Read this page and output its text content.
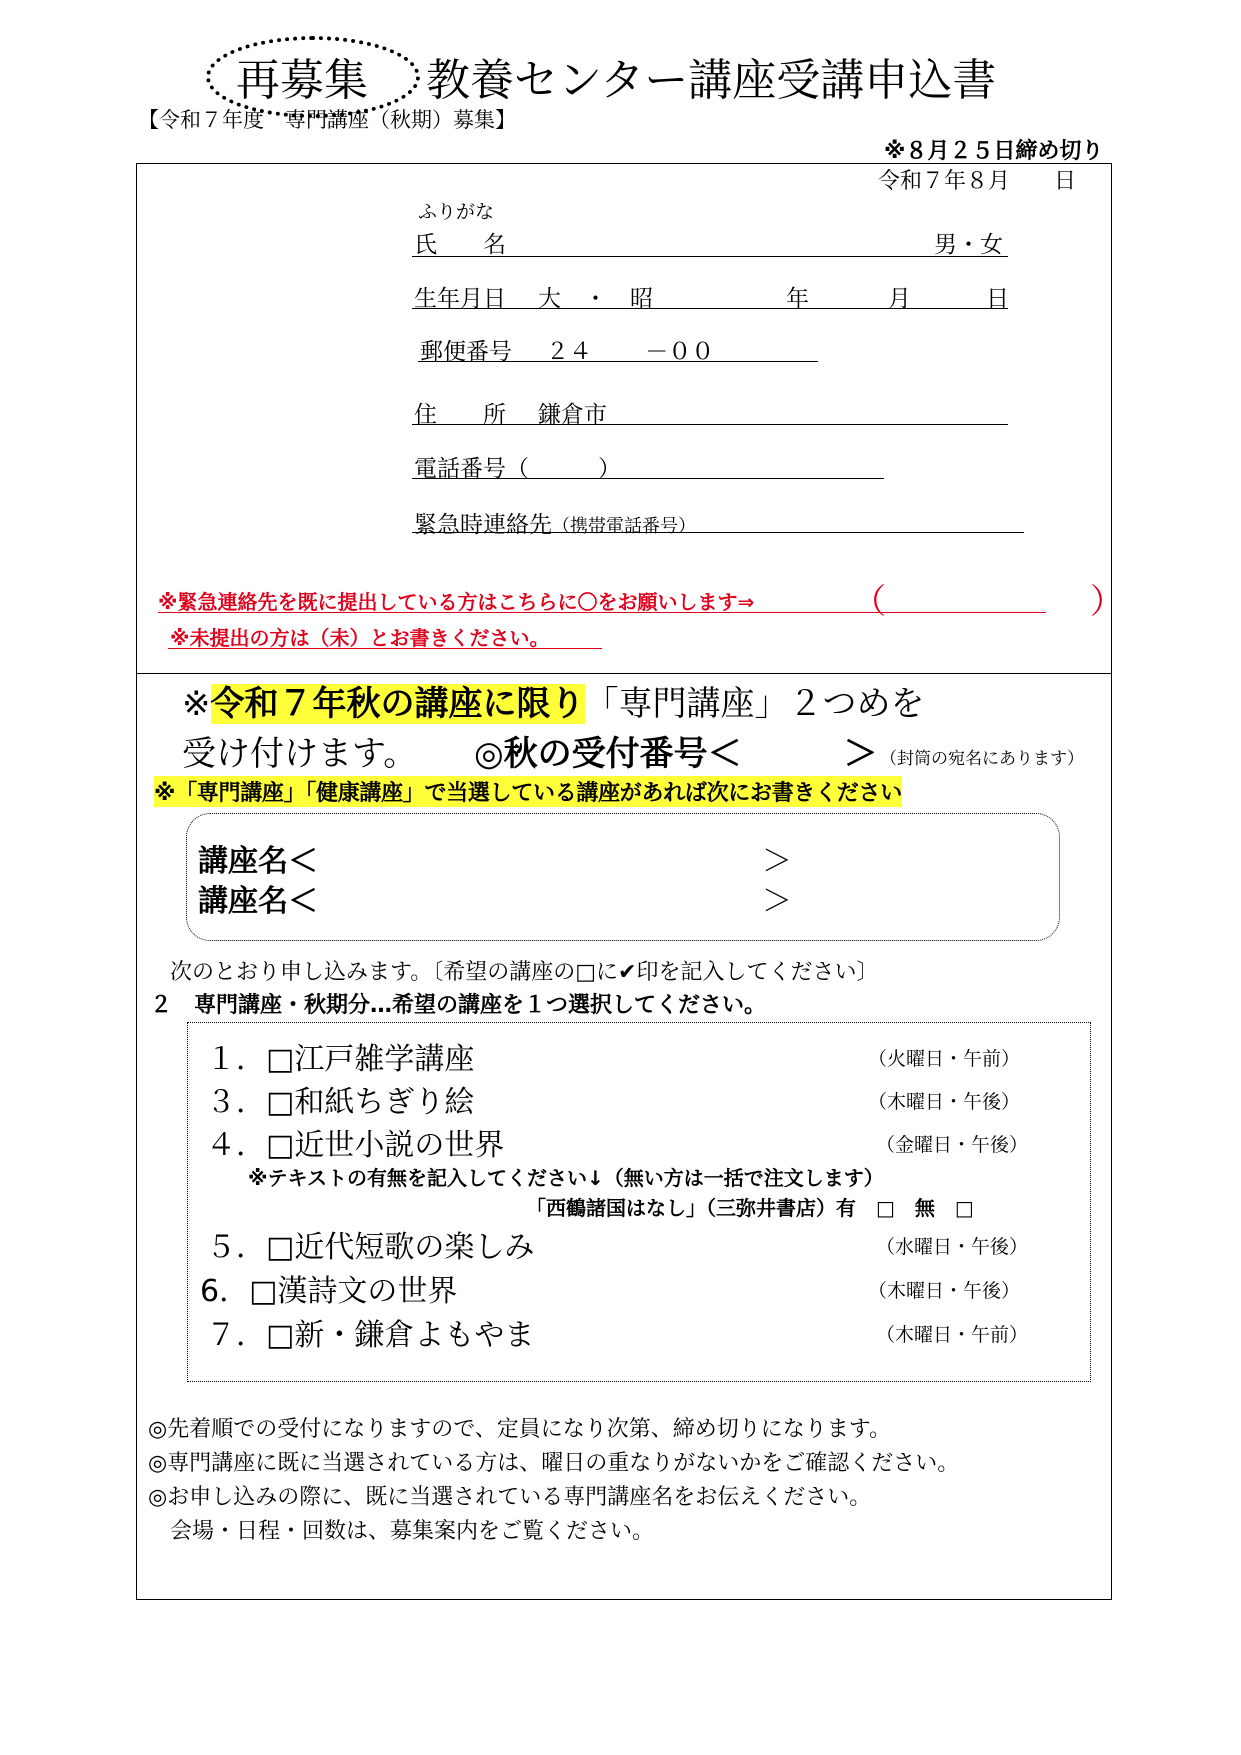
再募集 教養センター講座受講申込書
【令和７年度　専門講座（秋期）募集】
※８月２５日締め切り
令和７年８月　　日
ふりがな
氏　　名	男・女
生年月日 大　・　昭	年	月	日
郵便番号 ２４　　 －００
住　　所 鎌倉市
電話番号（　　　）
緊急時連絡先（携帯電話番号）
※緊急連絡先を既に提出している方はこちらに〇をお願いします⇒	（　　　　　　）
※未提出の方は（未）とお書きください。
※令和７年秋の講座に限り「専門講座」２つめを
受け付けます。 ◎秋の受付番号＜　　　＞ （封筒の宛名にあります）
※「専門講座」「健康講座」で当選している講座があれば次にお書きください
講座名＜	＞
講座名＜	＞
次のとおり申し込みます。〔希望の講座の□に✔印を記入してください〕
２　専門講座・秋期分…希望の講座を１つ選択してください。
１．□江戸雑学講座	（火曜日・午前）
３．□和紙ちぎり絵	（木曜日・午後）
４．□近世小説の世界	（金曜日・午後）
※テキストの有無を記入してください↓（無い方は一括で注文します）
「西鶴諸国はなし」（三弥井書店）有　□　無　□
５．□近代短歌の楽しみ	（水曜日・午後）
6．□漢詩文の世界	（木曜日・午後）
７．□新・鎌倉よもやま	（木曜日・午前）
◎先着順での受付になりますので、定員になり次第、締め切りになります。
◎専門講座に既に当選されている方は、曜日の重なりがないかをご確認ください。
◎お申し込みの際に、既に当選されている専門講座名をお伝えください。
　会場・日程・回数は、募集案内をご覧ください。
